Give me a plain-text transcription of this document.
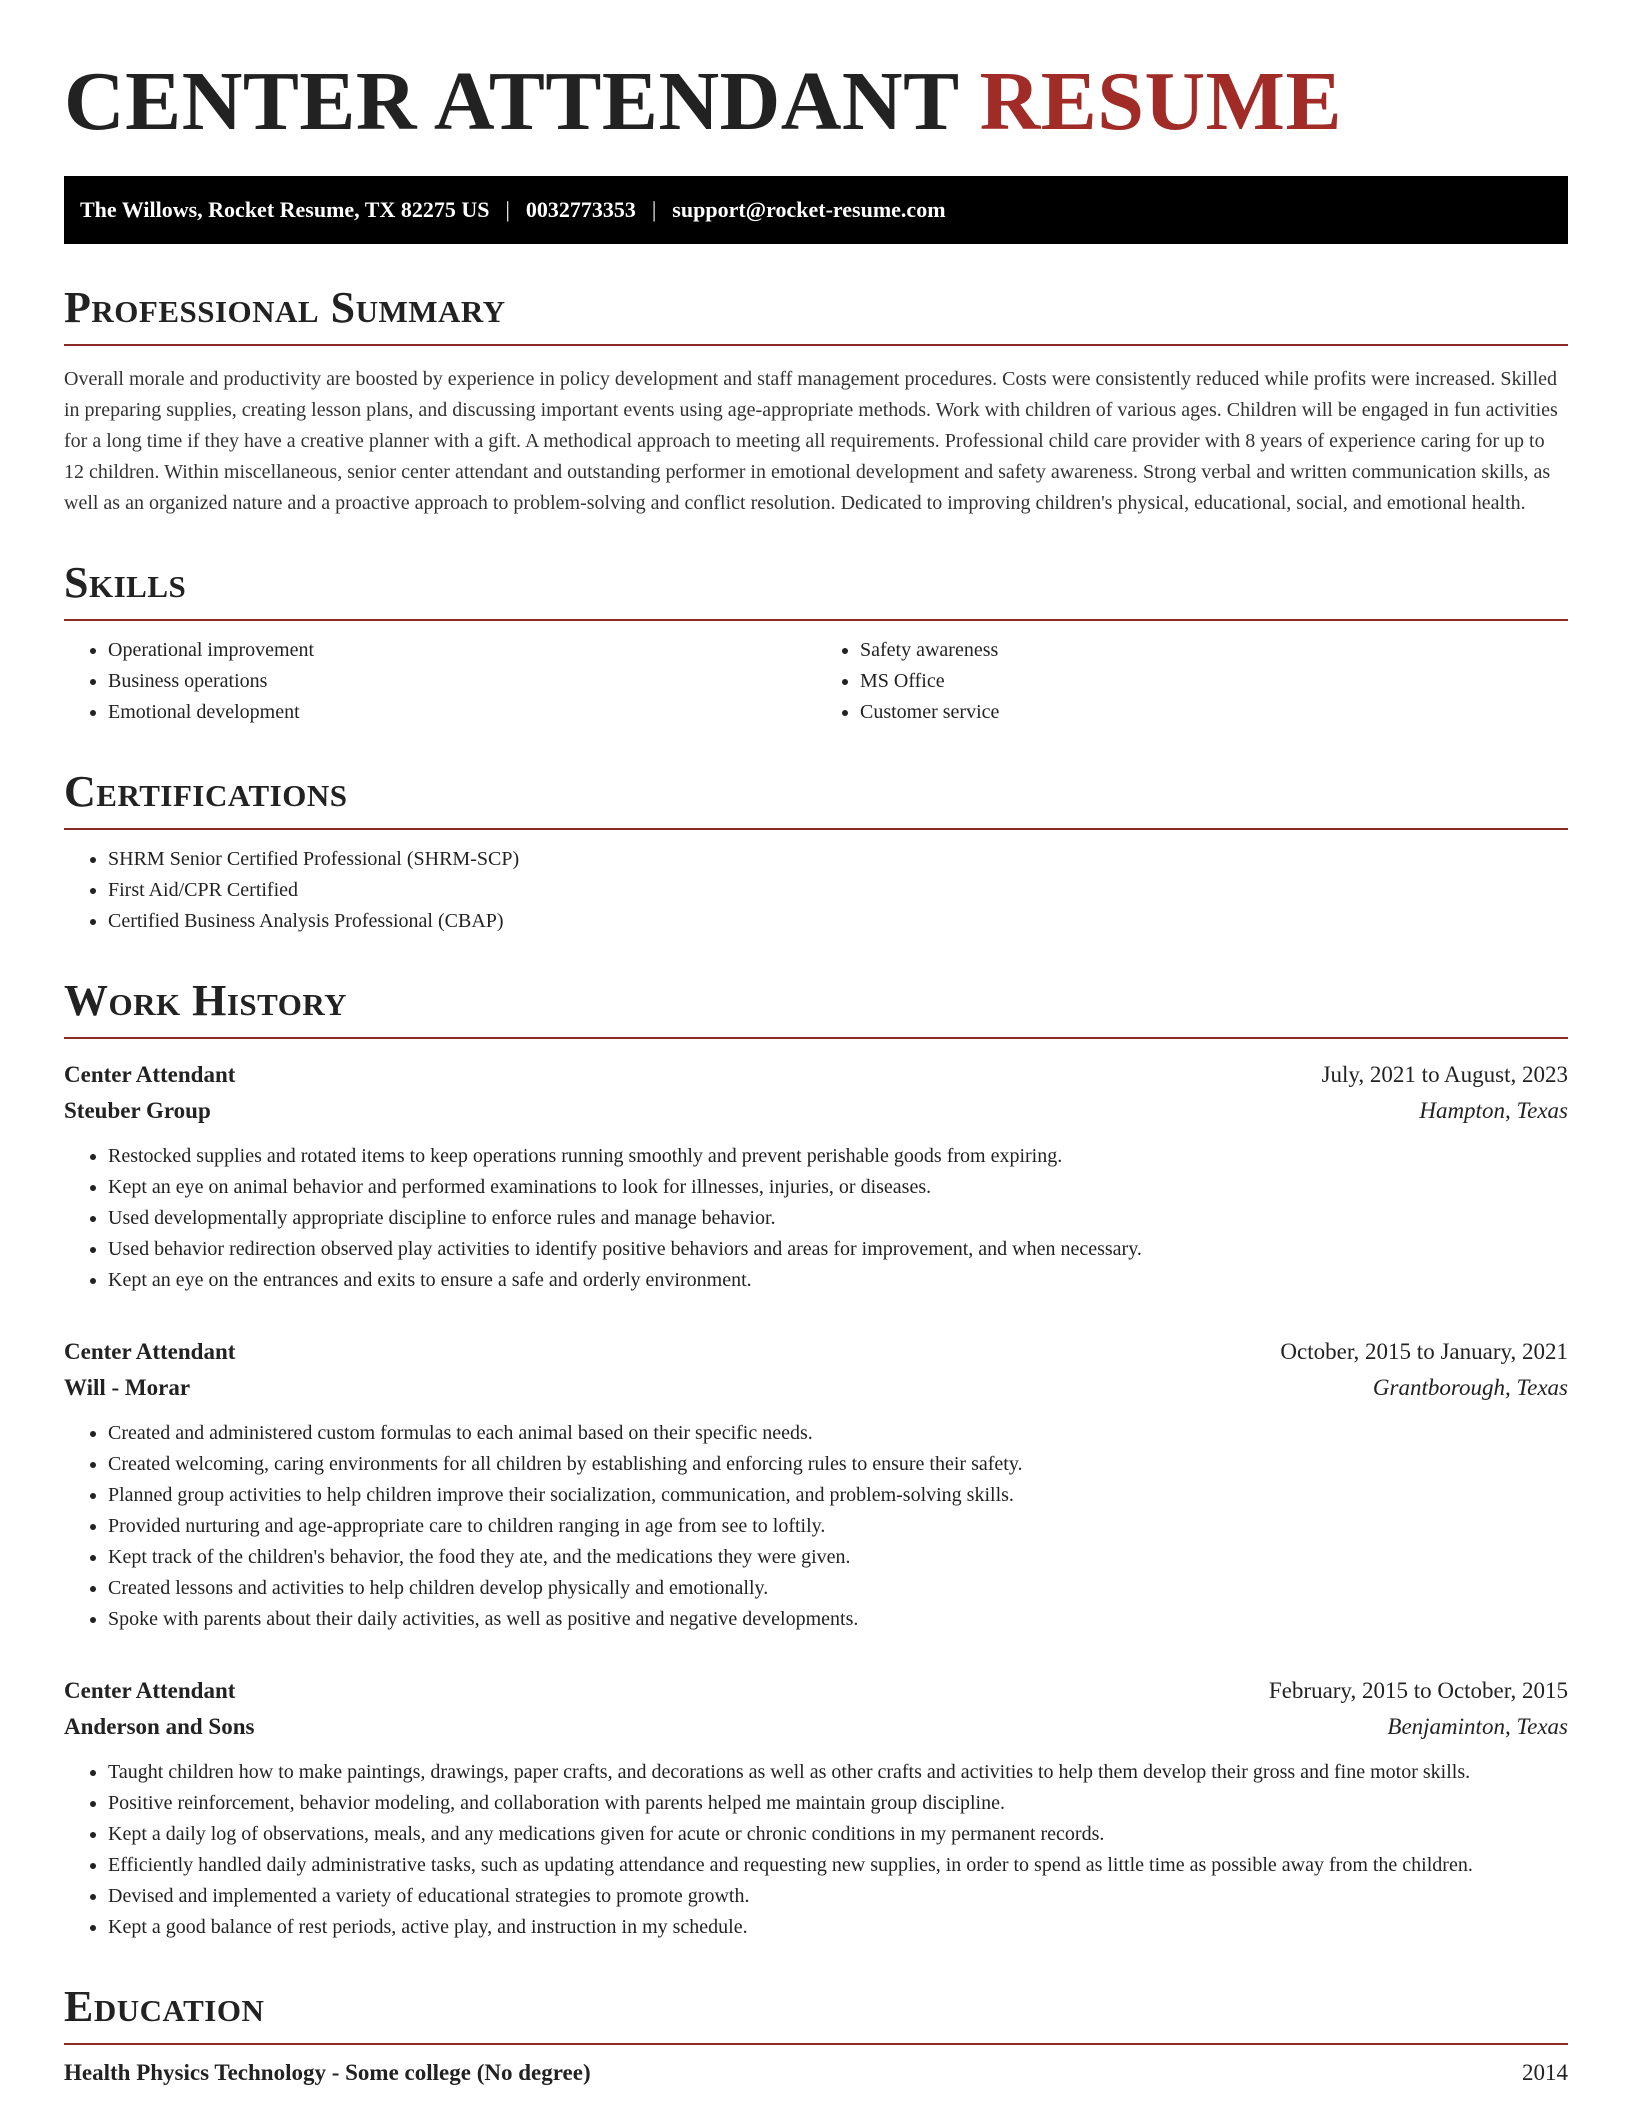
CENTER ATTENDANT RESUME
The Willows, Rocket Resume, TX 82275 US | 0032773353 | support@rocket-resume.com
Professional Summary

Overall morale and productivity are boosted by experience in policy development and staff management procedures. Costs were consistently reduced while profits were increased. Skilled in preparing supplies, creating lesson plans, and discussing important events using age-appropriate methods. Work with children of various ages. Children will be engaged in fun activities for a long time if they have a creative planner with a gift. A methodical approach to meeting all requirements. Professional child care provider with 8 years of experience caring for up to 12 children. Within miscellaneous, senior center attendant and outstanding performer in emotional development and safety awareness. Strong verbal and written communication skills, as well as an organized nature and a proactive approach to problem-solving and conflict resolution. Dedicated to improving children's physical, educational, social, and emotional health.

Skills
• Operational improvement
• Business operations
• Emotional development
• Safety awareness
• MS Office
• Customer service
Certifications
• SHRM Senior Certified Professional (SHRM-SCP)
• First Aid/CPR Certified
• Certified Business Analysis Professional (CBAP)
Work History
Center Attendant	July, 2021 to August, 2023
Steuber Group	Hampton, Texas
• Restocked supplies and rotated items to keep operations running smoothly and prevent perishable goods from expiring.
• Kept an eye on animal behavior and performed examinations to look for illnesses, injuries, or diseases.
• Used developmentally appropriate discipline to enforce rules and manage behavior.
• Used behavior redirection observed play activities to identify positive behaviors and areas for improvement, and when necessary.
• Kept an eye on the entrances and exits to ensure a safe and orderly environment.
Center Attendant	October, 2015 to January, 2021
Will - Morar	Grantborough, Texas
• Created and administered custom formulas to each animal based on their specific needs.
• Created welcoming, caring environments for all children by establishing and enforcing rules to ensure their safety.
• Planned group activities to help children improve their socialization, communication, and problem-solving skills.
• Provided nurturing and age-appropriate care to children ranging in age from see to loftily.
• Kept track of the children's behavior, the food they ate, and the medications they were given.
• Created lessons and activities to help children develop physically and emotionally.
• Spoke with parents about their daily activities, as well as positive and negative developments.
Center Attendant	February, 2015 to October, 2015
Anderson and Sons	Benjaminton, Texas
• Taught children how to make paintings, drawings, paper crafts, and decorations as well as other crafts and activities to help them develop their gross and fine motor skills.
• Positive reinforcement, behavior modeling, and collaboration with parents helped me maintain group discipline.
• Kept a daily log of observations, meals, and any medications given for acute or chronic conditions in my permanent records.
• Efficiently handled daily administrative tasks, such as updating attendance and requesting new supplies, in order to spend as little time as possible away from the children.
• Devised and implemented a variety of educational strategies to promote growth.
• Kept a good balance of rest periods, active play, and instruction in my schedule.
Education
Health Physics Technology - Some college (No degree)	2014
